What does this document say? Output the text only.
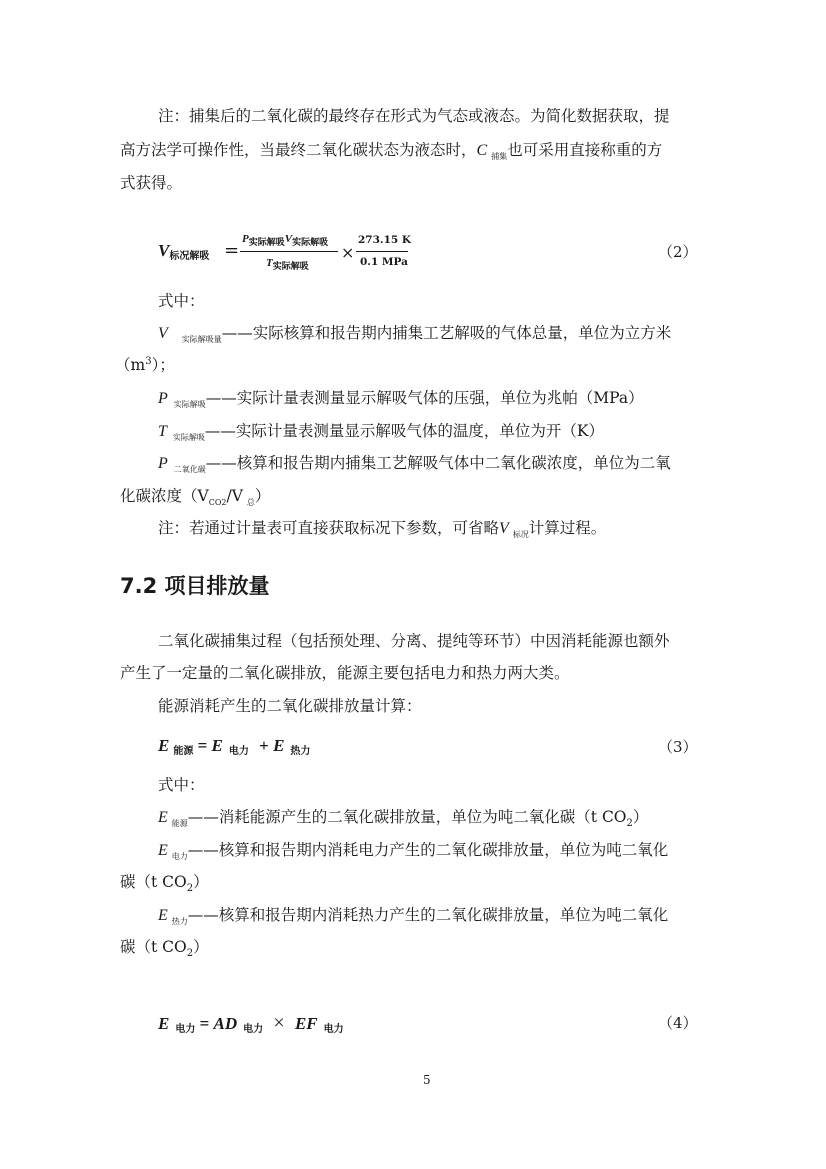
注：捕集后的二氧化碳的最终存在形式为气态或液态。为简化数据获取，提
高方法学可操作性，当最终二氧化碳状态为液态时，C $_{捕集}$也可采用直接称重的方
式获得。
V标况解吸 =
P实际解吸V实际解吸
T实际解吸
×
273.15 K
0.1 MPa
（2）
式中：
V $_{实际解吸量}$——实际核算和报告期内捕集工艺解吸的气体总量，单位为立方米
$(m^3)$；
P $_{实际解吸}$——实际计量表测量显示解吸气体的压强，单位为兆帕（MPa）
T $_{实际解吸}$——实际计量表测量显示解吸气体的温度，单位为开（K）
P $_{二氧化碳}$——核算和报告期内捕集工艺解吸气体中二氧化碳浓度，单位为二氧
化碳浓度（$V_{CO2}/V$ $_总$）
注：若通过计量表可直接获取标况下参数，可省略V $_{标况}$计算过程。
7.2 项目排放量
二氧化碳捕集过程（包括预处理、分离、提纯等环节）中因消耗能源也额外
产生了一定量的二氧化碳排放，能源主要包括电力和热力两大类。
能源消耗产生的二氧化碳排放量计算：
E能源 = E 电力 + E 热力	（3）
式中：
E $_{能源}$——消耗能源产生的二氧化碳排放量，单位为吨二氧化碳（t $CO_2$）
E $_{电力}$——核算和报告期内消耗电力产生的二氧化碳排放量，单位为吨二氧化
碳（t $CO_2$）
E $_{热力}$——核算和报告期内消耗热力产生的二氧化碳排放量，单位为吨二氧化
碳（t $CO_2$）
E电力 = AD 电力 × EF 电力	（4）
5
